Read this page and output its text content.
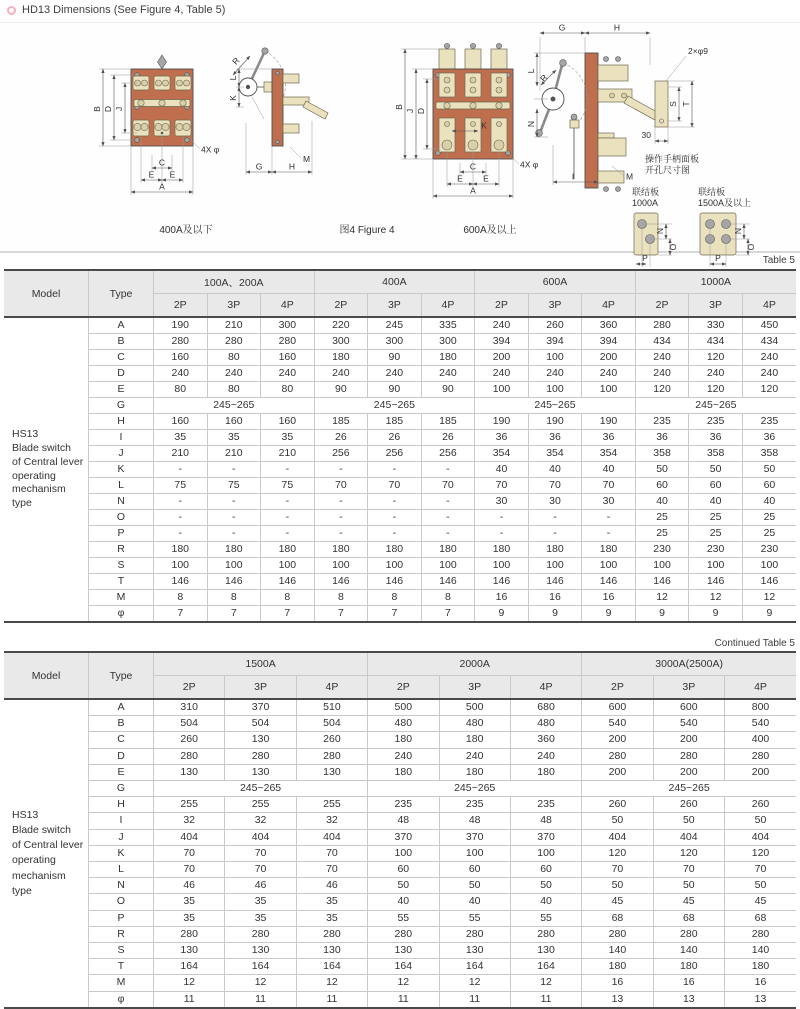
HD13 Dimensions (See Figure 4, Table 5)
B D J
C
E E
A
4X φ
R
L
K
G	H
M
400A及以下	图4 Figure 4
K
B
J D
C
E E
A
4X φ
G	H
L
R
N
M
I
600A及以上
2×φ9
S T
30
操作手柄面板
开孔尺寸图
联结板
1000A
N
O
P
联结板
1500A及以上
N
O
P	Table 5
Model	Type	100A、200A			400A			600A			1000A		
		2P	3P	4P	2P	3P	4P	2P	3P	4P	2P	3P	4P

HS13
Blade switch
of Central lever
operating
mechanism type	A	190	210	300	220	245	335	240	260	360	280	330	450
	B	280	280	280	300	300	300	394	394	394	434	434	434
	C	160	80	160	180	90	180	200	100	200	240	120	240
	D	240	240	240	240	240	240	240	240	240	240	240	240
	E	80	80	80	90	90	90	100	100	100	120	120	120
	G	245~265			245~265			245~265			245~265		
	H	160	160	160	185	185	185	190	190	190	235	235	235
	I	35	35	35	26	26	26	36	36	36	36	36	36
	J	210	210	210	256	256	256	354	354	354	358	358	358
	K	-	-	-	-	-	-	40	40	40	50	50	50
	L	75	75	75	70	70	70	70	70	70	60	60	60
	N	-	-	-	-	-	-	30	30	30	40	40	40
	O	-	-	-	-	-	-	-	-	-	25	25	25
	P	-	-	-	-	-	-	-	-	-	25	25	25
	R	180	180	180	180	180	180	180	180	180	230	230	230
	S	100	100	100	100	100	100	100	100	100	100	100	100
	T	146	146	146	146	146	146	146	146	146	146	146	146
	M	8	8	8	8	8	8	16	16	16	12	12	12
	φ	7	7	7	7	7	7	9	9	9	9	9	9
Continued Table 5
Model	Type	1500A			2000A			3000A(2500A)		
		2P	3P	4P	2P	3P	4P	2P	3P	4P

HS13
Blade switch
of Central lever
operating
mechanism type	A	310	370	510	500	500	680	600	600	800
	B	504	504	504	480	480	480	540	540	540
	C	260	130	260	180	180	360	200	200	400
	D	280	280	280	240	240	240	280	280	280
	E	130	130	130	180	180	180	200	200	200
	G	245~265			245~265			245~265		
	H	255	255	255	235	235	235	260	260	260
	I	32	32	32	48	48	48	50	50	50
	J	404	404	404	370	370	370	404	404	404
	K	70	70	70	100	100	100	120	120	120
	L	70	70	70	60	60	60	70	70	70
	N	46	46	46	50	50	50	50	50	50
	O	35	35	35	40	40	40	45	45	45
	P	35	35	35	55	55	55	68	68	68
	R	280	280	280	280	280	280	280	280	280
	S	130	130	130	130	130	130	140	140	140
	T	164	164	164	164	164	164	180	180	180
	M	12	12	12	12	12	12	16	16	16
	φ	11	11	11	11	11	11	13	13	13
